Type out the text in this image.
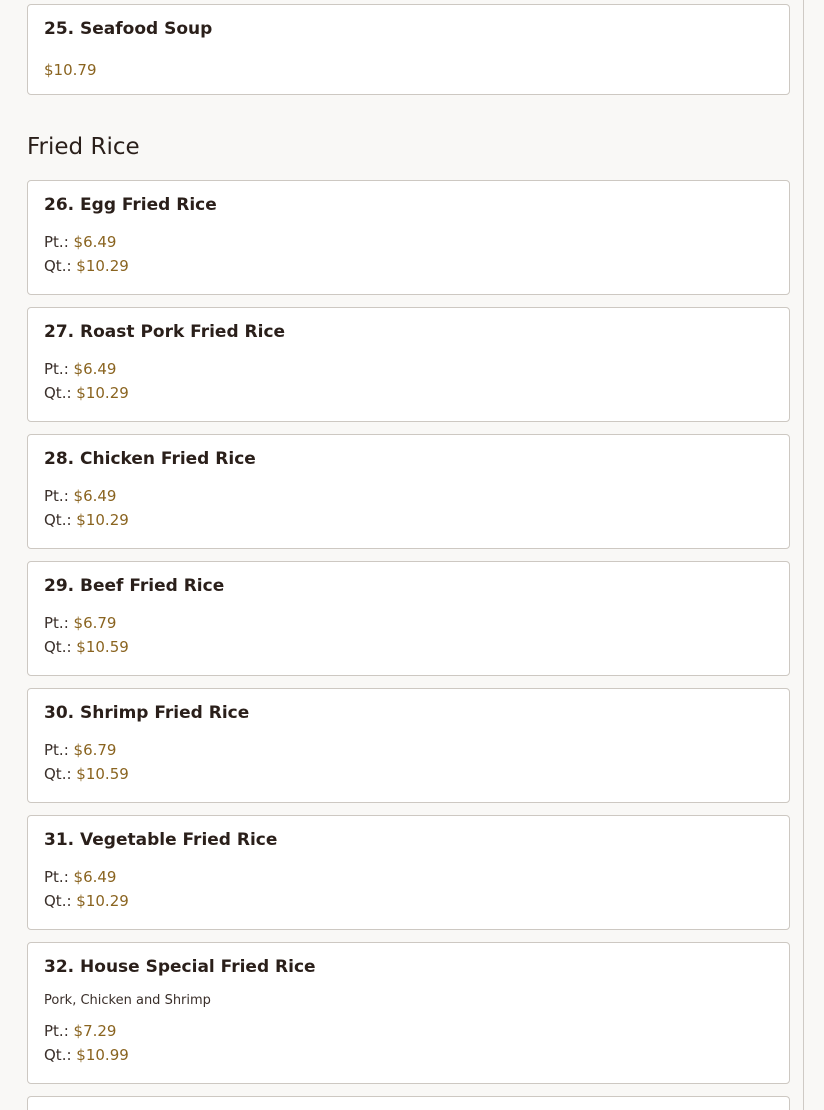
25. Seafood Soup
$10.79
Fried Rice
26. Egg Fried Rice
Pt.: $6.49
Qt.: $10.29
27. Roast Pork Fried Rice
Pt.: $6.49
Qt.: $10.29
28. Chicken Fried Rice
Pt.: $6.49
Qt.: $10.29
29. Beef Fried Rice
Pt.: $6.79
Qt.: $10.59
30. Shrimp Fried Rice
Pt.: $6.79
Qt.: $10.59
31. Vegetable Fried Rice
Pt.: $6.49
Qt.: $10.29
32. House Special Fried Rice
Pork, Chicken and Shrimp
Pt.: $7.29
Qt.: $10.99
